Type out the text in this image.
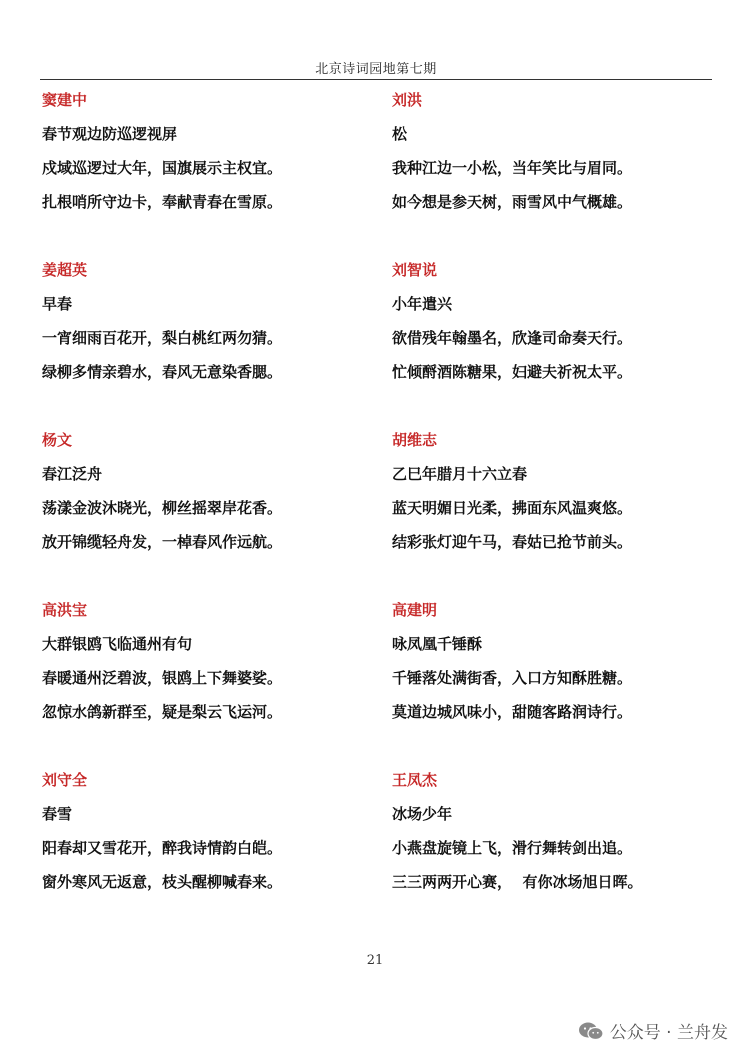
北京诗词园地第七期
窦建中
春节观边防巡逻视屏
戍域巡逻过大年，国旗展示主权宜。
扎根哨所守边卡，奉献青春在雪原。
姜超英
早春
一宵细雨百花开，梨白桃红两勿猜。
绿柳多情亲碧水，春风无意染香腮。
杨文
春江泛舟
荡漾金波沐晓光，柳丝摇翠岸花香。
放开锦缆轻舟发，一棹春风作远航。
高洪宝
大群银鸥飞临通州有句
春暖通州泛碧波，银鸥上下舞婆娑。
忽惊水鸽新群至，疑是梨云飞运河。
刘守全
春雪
阳春却又雪花开，醉我诗情韵白皑。
窗外寒风无返意，枝头醒柳喊春来。
刘洪
松
我种江边一小松，当年笑比与眉同。
如今想是参天树，雨雪风中气概雄。
刘智说
小年遣兴
欲借残年翰墨名，欣逢司命奏天行。
忙倾酹酒陈糖果，妇避夫祈祝太平。
胡维志
乙巳年腊月十六立春
蓝天明媚日光柔，拂面东风温爽悠。
结彩张灯迎午马，春姑已抢节前头。
高建明
咏凤凰千锤酥
千锤落处满街香，入口方知酥胜糖。
莫道边城风味小，甜随客路润诗行。
王凤杰
冰场少年
小燕盘旋镜上飞，滑行舞转剑出追。
三三两两开心赛，  有你冰场旭日晖。
21
公众号 · 兰舟发
